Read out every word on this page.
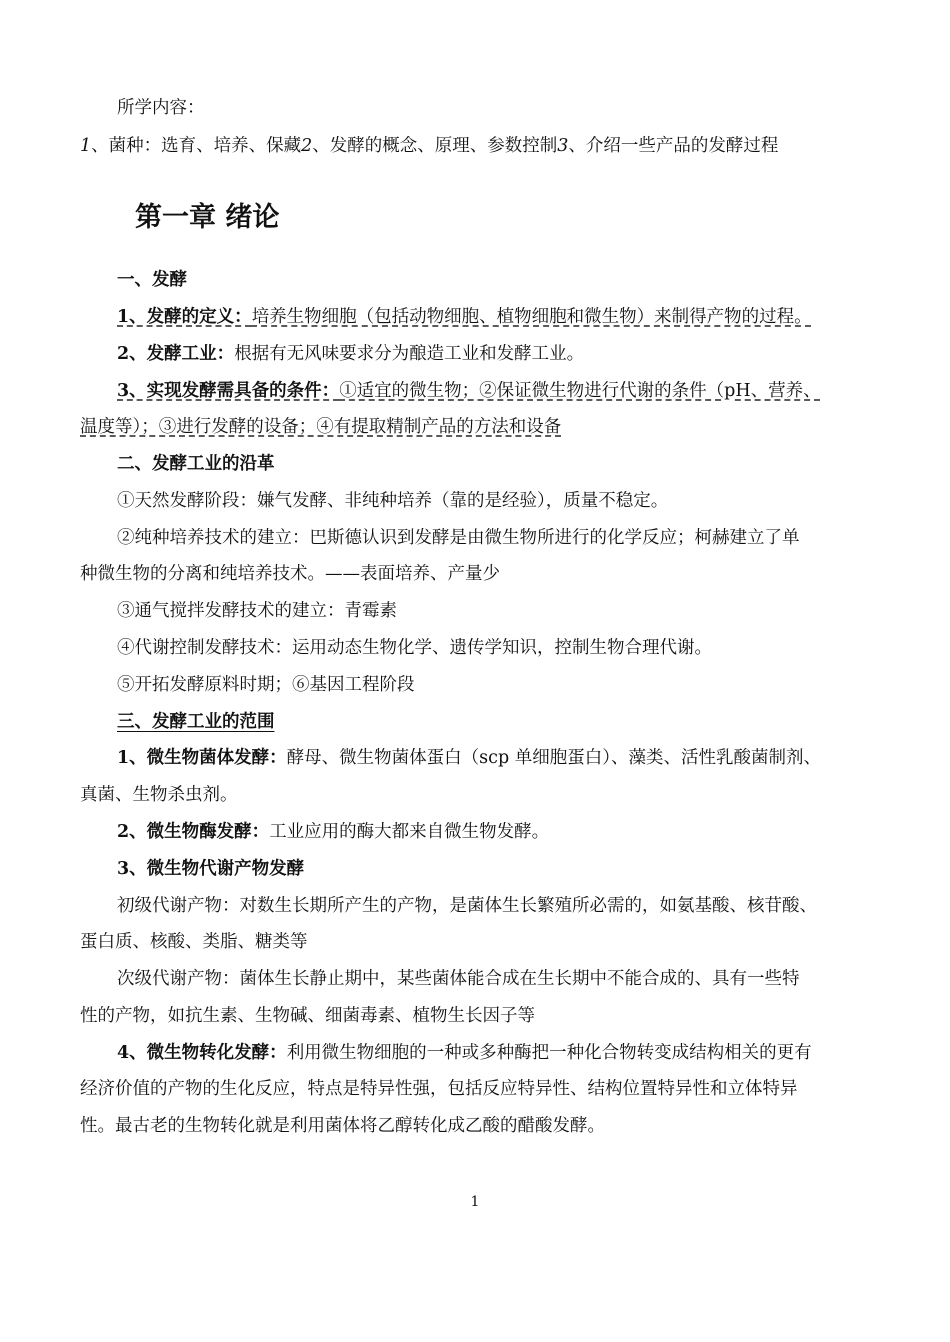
所学内容：
1、菌种：选育、培养、保藏2、发酵的概念、原理、参数控制3、介绍一些产品的发酵过程
第一章 绪论
一、发酵
1、发酵的定义：培养生物细胞（包括动物细胞、植物细胞和微生物）来制得产物的过程。
2、发酵工业：根据有无风味要求分为酿造工业和发酵工业。
3、实现发酵需具备的条件：①适宜的微生物；②保证微生物进行代谢的条件（pH、营养、
温度等）；③进行发酵的设备；④有提取精制产品的方法和设备
二、发酵工业的沿革
①天然发酵阶段：嫌气发酵、非纯种培养（靠的是经验），质量不稳定。
②纯种培养技术的建立：巴斯德认识到发酵是由微生物所进行的化学反应；柯赫建立了单
种微生物的分离和纯培养技术。——表面培养、产量少
③通气搅拌发酵技术的建立：青霉素
④代谢控制发酵技术：运用动态生物化学、遗传学知识，控制生物合理代谢。
⑤开拓发酵原料时期；⑥基因工程阶段
三、发酵工业的范围
1、微生物菌体发酵：酵母、微生物菌体蛋白（scp 单细胞蛋白）、藻类、活性乳酸菌制剂、
真菌、生物杀虫剂。
2、微生物酶发酵：工业应用的酶大都来自微生物发酵。
3、微生物代谢产物发酵
初级代谢产物：对数生长期所产生的产物，是菌体生长繁殖所必需的，如氨基酸、核苷酸、
蛋白质、核酸、类脂、糖类等
次级代谢产物：菌体生长静止期中，某些菌体能合成在生长期中不能合成的、具有一些特
性的产物，如抗生素、生物碱、细菌毒素、植物生长因子等
4、微生物转化发酵：利用微生物细胞的一种或多种酶把一种化合物转变成结构相关的更有
经济价值的产物的生化反应，特点是特异性强，包括反应特异性、结构位置特异性和立体特异
性。最古老的生物转化就是利用菌体将乙醇转化成乙酸的醋酸发酵。
1
